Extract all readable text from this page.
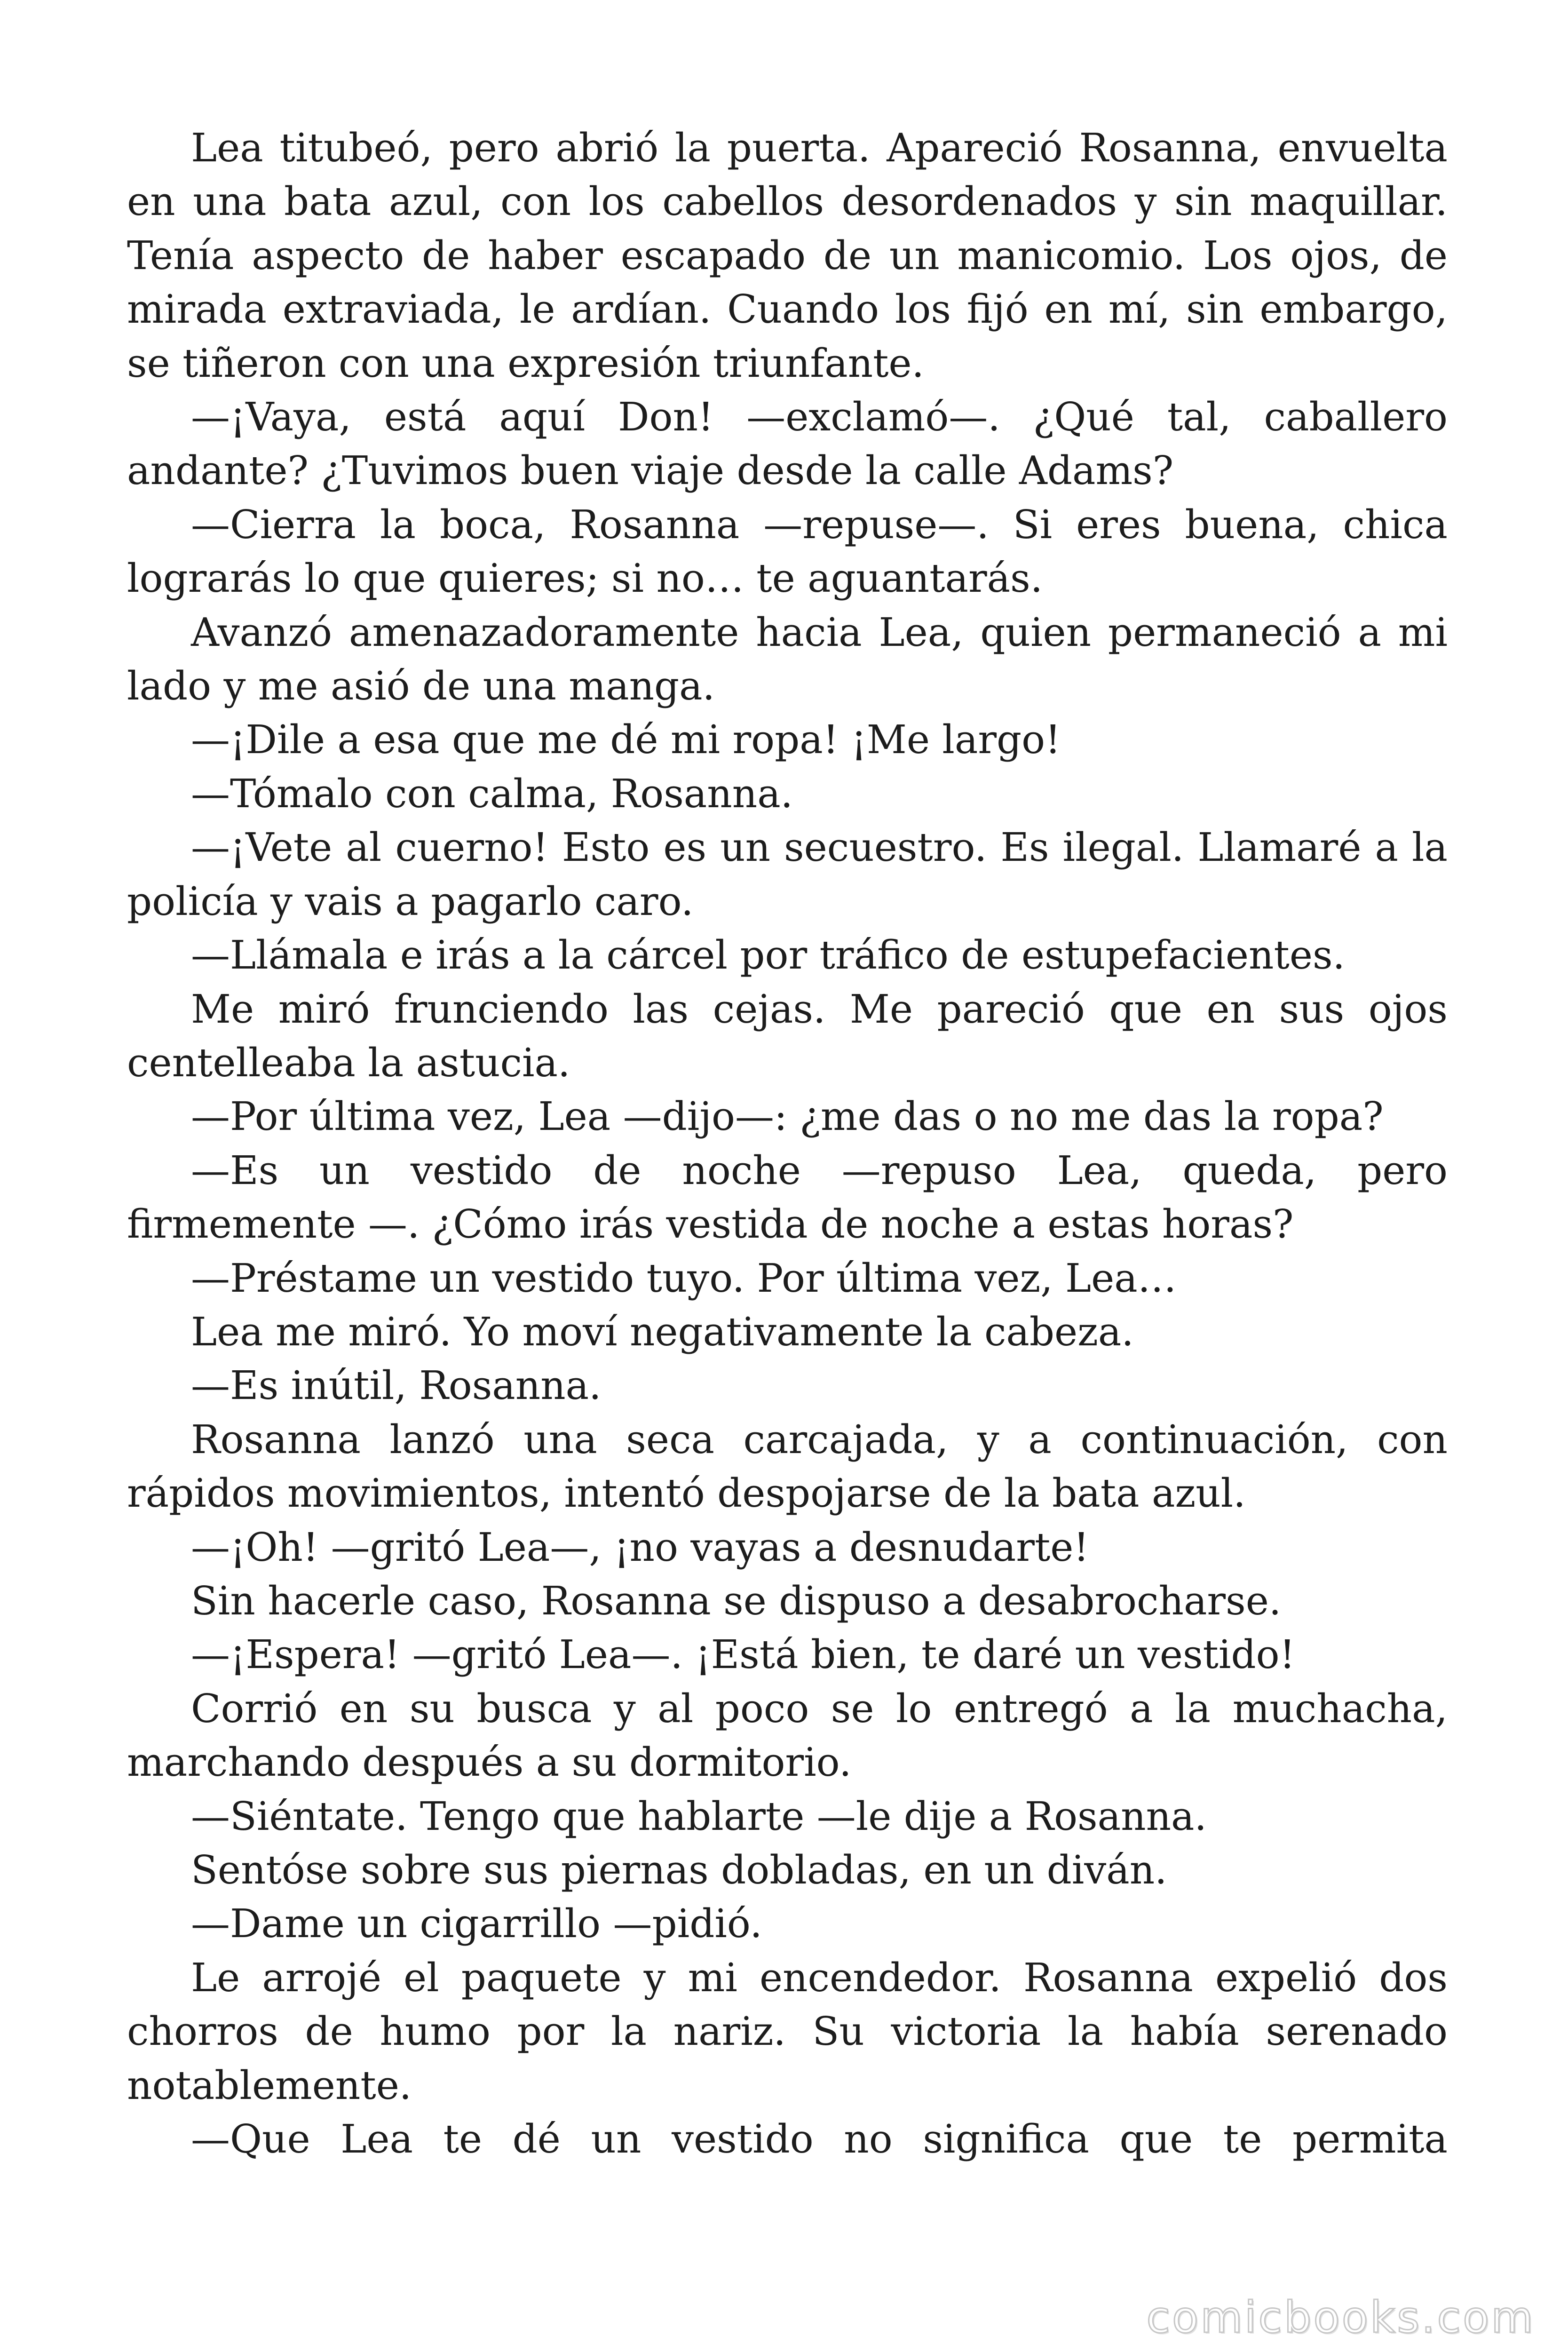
Lea titubeó, pero abrió la puerta. Apareció Rosanna, envuelta en una bata azul, con los cabellos desordenados y sin maquillar. Tenía aspecto de haber escapado de un manicomio. Los ojos, de mirada extraviada, le ardían. Cuando los fijó en mí, sin embargo, se tiñeron con una expresión triunfante.

—¡Vaya, está aquí Don! —exclamó—. ¿Qué tal, caballero andante? ¿Tuvimos buen viaje desde la calle Adams?

—Cierra la boca, Rosanna —repuse—. Si eres buena, chica lograrás lo que quieres; si no… te aguantarás.

Avanzó amenazadoramente hacia Lea, quien permaneció a mi lado y me asió de una manga.

—¡Dile a esa que me dé mi ropa! ¡Me largo!

—Tómalo con calma, Rosanna.

—¡Vete al cuerno! Esto es un secuestro. Es ilegal. Llamaré a la policía y vais a pagarlo caro.

—Llámala e irás a la cárcel por tráfico de estupefacientes.

Me miró frunciendo las cejas. Me pareció que en sus ojos centelleaba la astucia.

—Por última vez, Lea —dijo—: ¿me das o no me das la ropa?

—Es un vestido de noche —repuso Lea, queda, pero firmemente —. ¿Cómo irás vestida de noche a estas horas?

—Préstame un vestido tuyo. Por última vez, Lea…

Lea me miró. Yo moví negativamente la cabeza.

—Es inútil, Rosanna.

Rosanna lanzó una seca carcajada, y a continuación, con rápidos movimientos, intentó despojarse de la bata azul.

—¡Oh! —gritó Lea—, ¡no vayas a desnudarte!

Sin hacerle caso, Rosanna se dispuso a desabrocharse.

—¡Espera! —gritó Lea—. ¡Está bien, te daré un vestido!

Corrió en su busca y al poco se lo entregó a la muchacha, marchando después a su dormitorio.

—Siéntate. Tengo que hablarte —le dije a Rosanna.

Sentóse sobre sus piernas dobladas, en un diván.

—Dame un cigarrillo —pidió.

Le arrojé el paquete y mi encendedor. Rosanna expelió dos chorros de humo por la nariz. Su victoria la había serenado notablemente.

—Que Lea te dé un vestido no significa que te permita

comicbooks.com
